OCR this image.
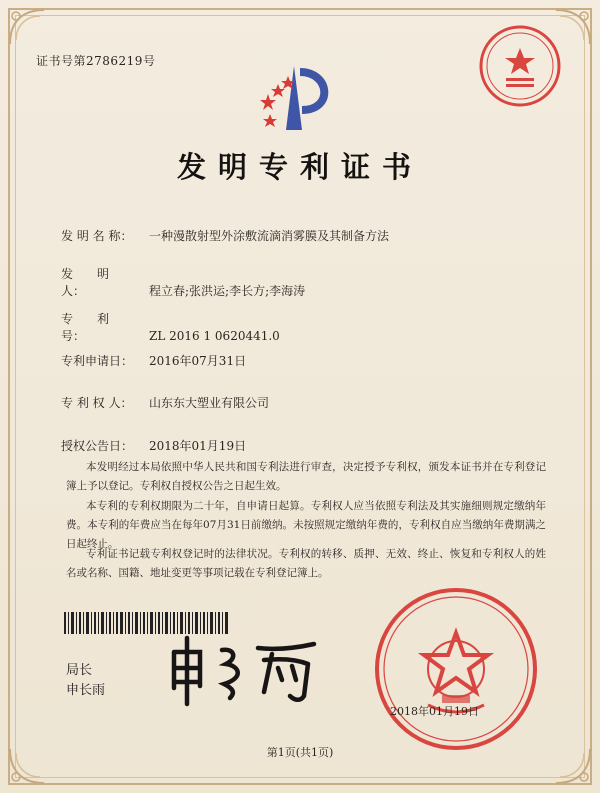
证书号第2786219号
发明专利证书
发 明 名 称： 一种漫散射型外涂敷流滴消雾膜及其制备方法
发　　明　　人：	程立春;张洪运;李长方;李海涛
专　　利　　号：	ZL 2016 1 0620441.0
专利申请日： 2016年07月31日
专 利 权 人： 山东东大塑业有限公司
授权公告日： 2018年01月19日
本发明经过本局依照中华人民共和国专利法进行审查，决定授予专利权，颁发本证书并在专利登记簿上予以登记。专利权自授权公告之日起生效。
本专利的专利权期限为二十年，自申请日起算。专利权人应当依照专利法及其实施细则规定缴纳年费。本专利的年费应当在每年07月31日前缴纳。未按照规定缴纳年费的，专利权自应当缴纳年费期满之日起终止。
专利证书记载专利权登记时的法律状况。专利权的转移、质押、无效、终止、恢复和专利权人的姓名或名称、国籍、地址变更等事项记载在专利登记簿上。
局长
申长雨
2018年01月19日
第1页(共1页)
